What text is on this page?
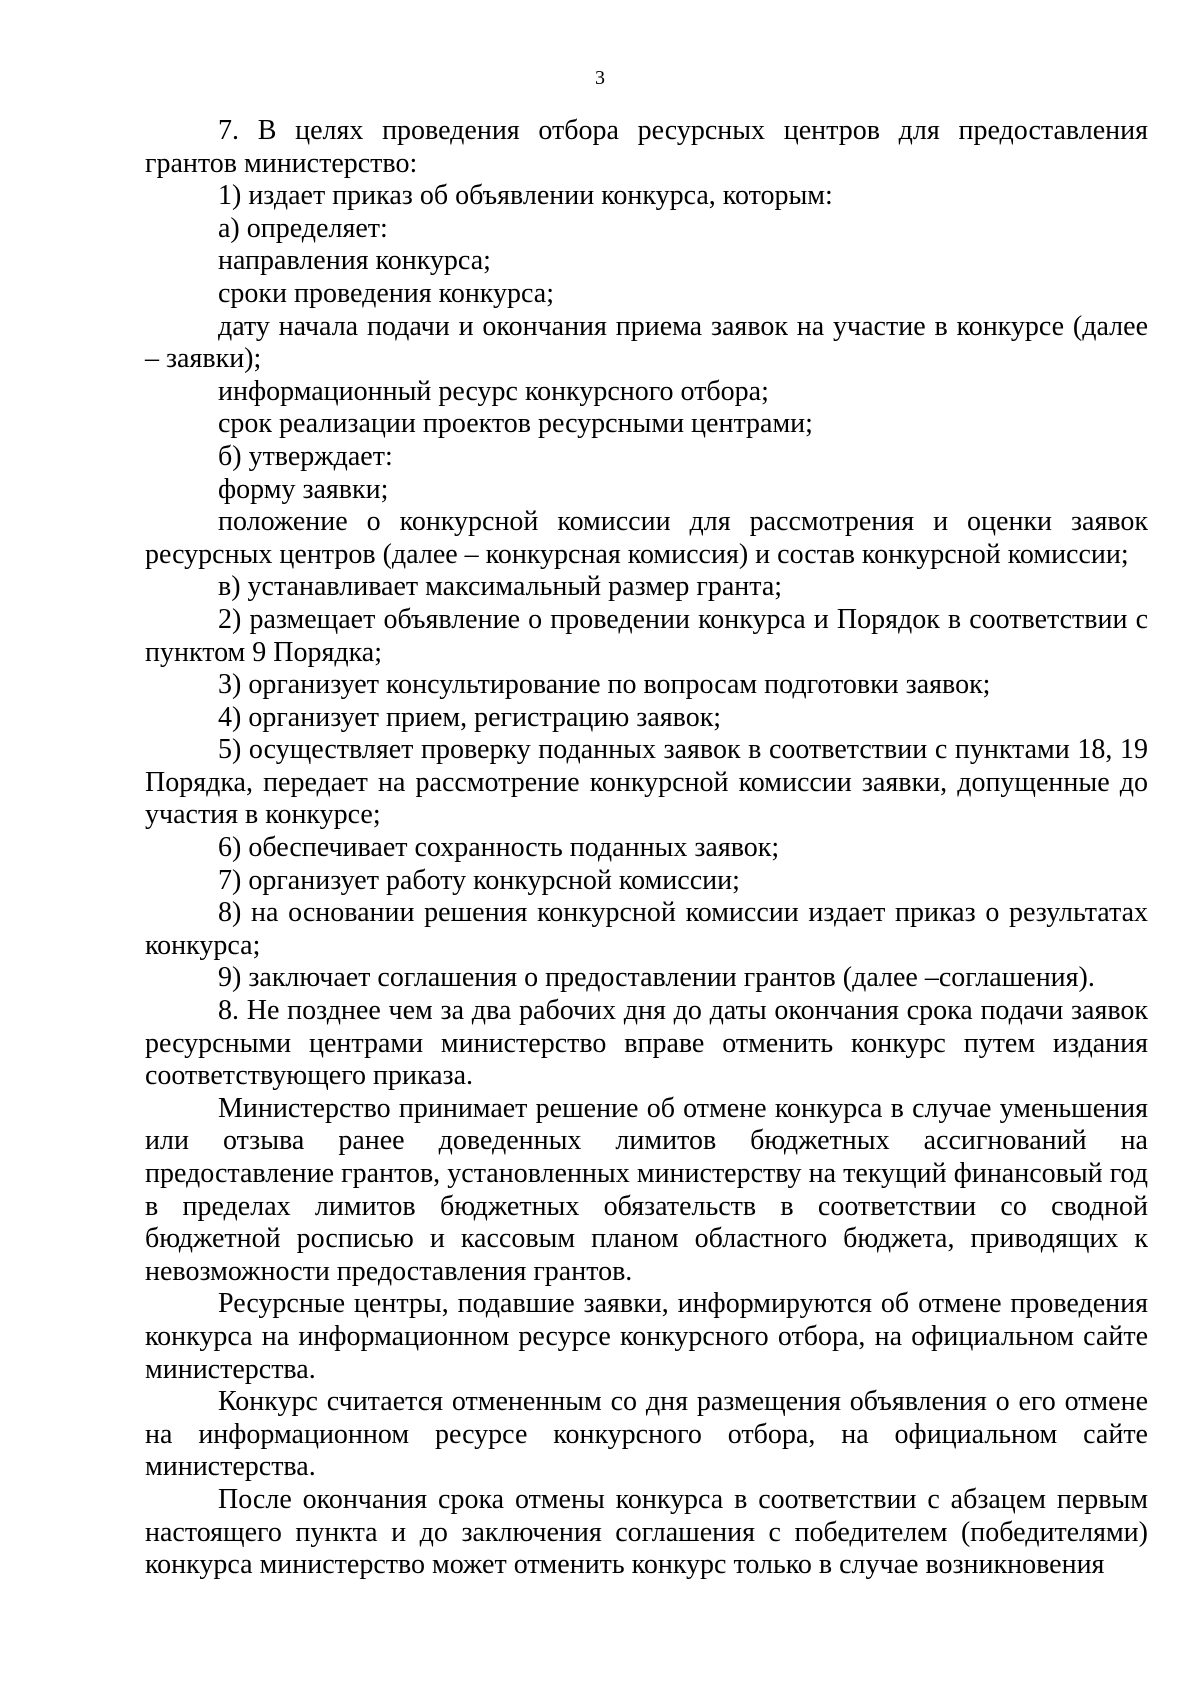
3

7. В целях проведения отбора ресурсных центров для предоставления грантов министерство:

1) издает приказ об объявлении конкурса, которым:

а) определяет:

направления конкурса;

сроки проведения конкурса;

дату начала подачи и окончания приема заявок на участие в конкурсе (далее – заявки);

информационный ресурс конкурсного отбора;

срок реализации проектов ресурсными центрами;

б) утверждает:

форму заявки;

положение о конкурсной комиссии для рассмотрения и оценки заявок ресурсных центров (далее – конкурсная комиссия) и состав конкурсной комиссии;

в) устанавливает максимальный размер гранта;

2) размещает объявление о проведении конкурса и Порядок в соответствии с пунктом 9 Порядка;

3) организует консультирование по вопросам подготовки заявок;

4) организует прием, регистрацию заявок;

5) осуществляет проверку поданных заявок в соответствии с пунктами 18, 19 Порядка, передает на рассмотрение конкурсной комиссии заявки, допущенные до участия в конкурсе;

6) обеспечивает сохранность поданных заявок;

7) организует работу конкурсной комиссии;

8) на основании решения конкурсной комиссии издает приказ о результатах конкурса;

9) заключает соглашения о предоставлении грантов (далее –соглашения).

8. Не позднее чем за два рабочих дня до даты окончания срока подачи заявок ресурсными центрами министерство вправе отменить конкурс путем издания соответствующего приказа.

Министерство принимает решение об отмене конкурса в случае уменьшения или отзыва ранее доведенных лимитов бюджетных ассигнований на предоставление грантов, установленных министерству на текущий финансовый год в пределах лимитов бюджетных обязательств в соответствии со сводной бюджетной росписью и кассовым планом областного бюджета, приводящих к невозможности предоставления грантов.

Ресурсные центры, подавшие заявки, информируются об отмене проведения конкурса на информационном ресурсе конкурсного отбора, на официальном сайте министерства.

Конкурс считается отмененным со дня размещения объявления о его отмене на информационном ресурсе конкурсного отбора, на официальном сайте министерства.

После окончания срока отмены конкурса в соответствии с абзацем первым настоящего пункта и до заключения соглашения с победителем (победителями) конкурса министерство может отменить конкурс только в случае возникновения
